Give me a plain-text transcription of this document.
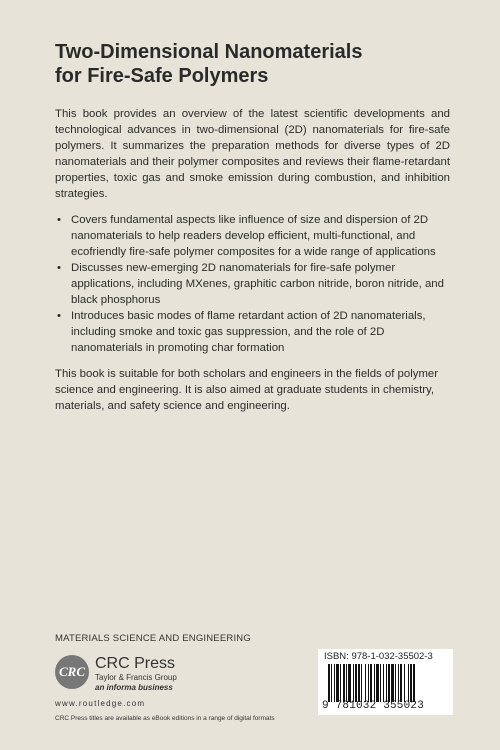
Two-Dimensional Nanomaterials
for Fire-Safe Polymers

This book provides an overview of the latest scientific developments and technological advances in two-dimensional (2D) nanomaterials for fire-safe polymers. It summarizes the preparation methods for diverse types of 2D nanomaterials and their polymer composites and reviews their flame-retardant properties, toxic gas and smoke emission during combustion, and inhibition strategies.

• Covers fundamental aspects like influence of size and dispersion of 2D nanomaterials to help readers develop efficient, multi-functional, and ecofriendly fire-safe polymer composites for a wide range of applications
• Discusses new-emerging 2D nanomaterials for fire-safe polymer applications, including MXenes, graphitic carbon nitride, boron nitride, and black phosphorus
• Introduces basic modes of flame retardant action of 2D nanomaterials, including smoke and toxic gas suppression, and the role of 2D nanomaterials in promoting char formation

This book is suitable for both scholars and engineers in the fields of polymer science and engineering. It is also aimed at graduate students in chemistry, materials, and safety science and engineering.

MATERIALS SCIENCE AND ENGINEERING
CRC CRC Press
Taylor & Francis Group
an informa business
www.routledge.com
CRC Press titles are available as eBook editions in a range of digital formats
ISBN: 978-1-032-35502-3
9 781032 355023
